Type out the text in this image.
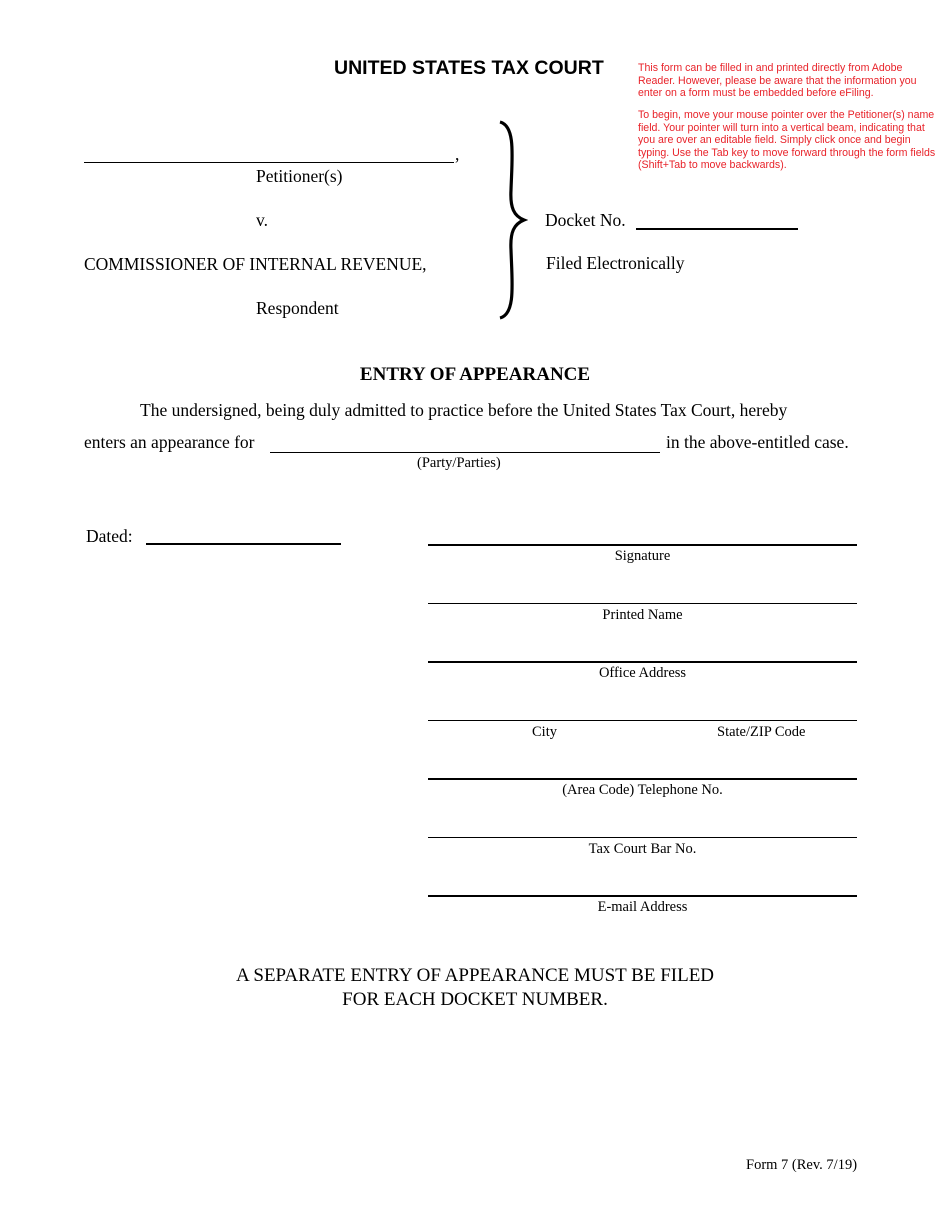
UNITED STATES TAX COURT	This form can be filled in and printed directly from Adobe Reader. However, please be aware that the information you enter on a form must be embedded before eFiling.
To begin, move your mouse pointer over the Petitioner(s) name field. Your pointer will turn into a vertical beam, indicating that you are over an editable field. Simply click once and begin typing. Use the Tab key to move forward through the form fields (Shift+Tab to move backwards).
,
Petitioner(s)
v.
COMMISSIONER OF INTERNAL REVENUE,
Respondent
Docket No.
Filed Electronically
ENTRY OF APPEARANCE
The undersigned, being duly admitted to practice before the United States Tax Court, hereby
enters an appearance for	in the above-entitled case.
(Party/Parties)
Dated:
Signature
Printed Name
Office Address
City	State/ZIP Code
(Area Code) Telephone No.
Tax Court Bar No.
E-mail Address
A SEPARATE ENTRY OF APPEARANCE MUST BE FILED
FOR EACH DOCKET NUMBER.
Form 7 (Rev. 7/19)
